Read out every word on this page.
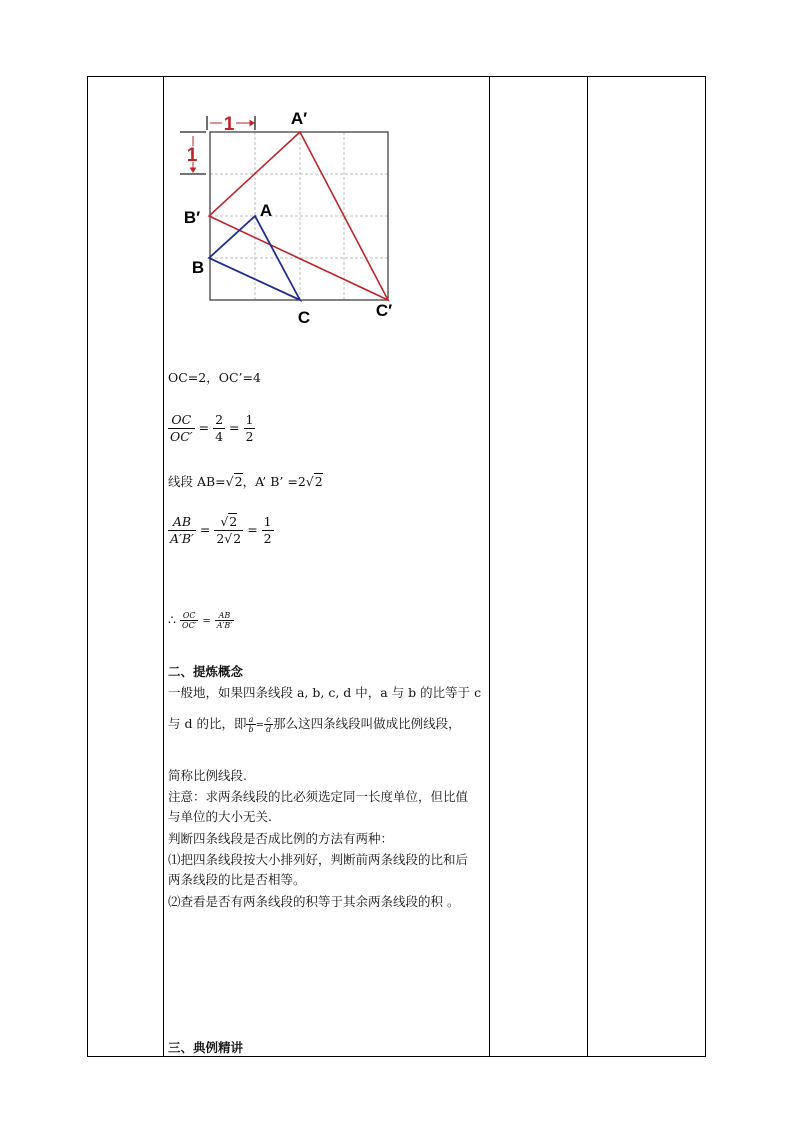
1
1
A′
B′	A
B
C	C′
OC=2，OC’=4
$\frac{OC}{OC'} = \frac{2}{4} = \frac{1}{2}$
线段 AB=√2，A’ B’ =2√2
$\frac{AB}{A'B'} = \frac{√2}{2√2} = \frac{1}{2}$
∴ $\frac{OC}{OC'} = \frac{AB}{A'B'}$
二、提炼概念
一般地，如果四条线段 a, b, c, d 中，a 与 b 的比等于 c
与 d 的比，即 $\frac{a}{b} = \frac{c}{d}$ 那么这四条线段叫做成比例线段，
简称比例线段.
注意：求两条线段的比必须选定同一长度单位，但比值与单位的大小无关.
判断四条线段是否成比例的方法有两种：
⑴把四条线段按大小排列好，判断前两条线段的比和后两条线段的比是否相等。
⑵查看是否有两条线段的积等于其余两条线段的积 。
三、典例精讲
